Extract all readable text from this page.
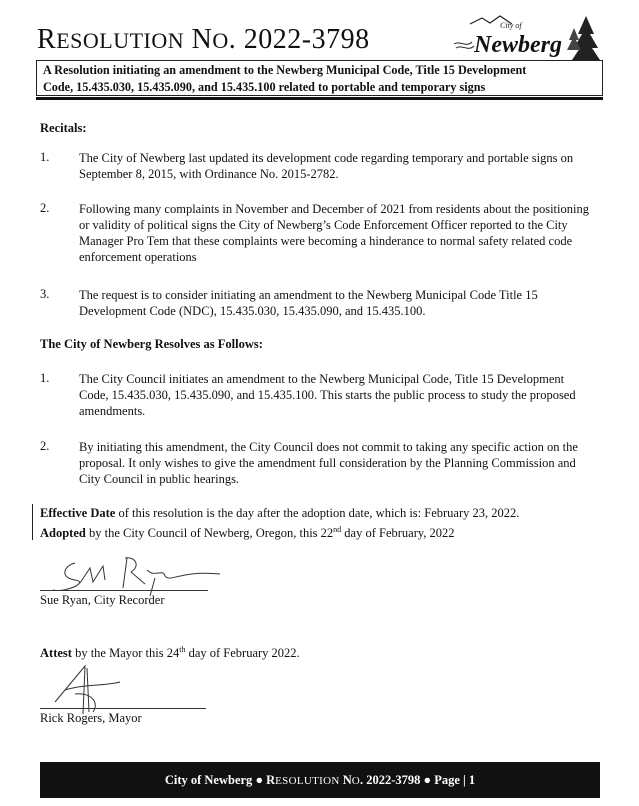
RESOLUTION NO. 2022-3798	City of
Newberg
A Resolution initiating an amendment to the Newberg Municipal Code, Title 15 Development
Code, 15.435.030, 15.435.090, and 15.435.100 related to portable and temporary signs
Recitals:
1. The City of Newberg last updated its development code regarding temporary and portable signs on September 8, 2015, with Ordinance No. 2015-2782.
2. Following many complaints in November and December of 2021 from residents about the positioning or validity of political signs the City of Newberg’s Code Enforcement Officer reported to the City Manager Pro Tem that these complaints were becoming a hinderance to normal safety related code enforcement operations
3. The request is to consider initiating an amendment to the Newberg Municipal Code Title 15 Development Code (NDC), 15.435.030, 15.435.090, and 15.435.100.
The City of Newberg Resolves as Follows:
1. The City Council initiates an amendment to the Newberg Municipal Code, Title 15 Development Code, 15.435.030, 15.435.090, and 15.435.100. This starts the public process to study the proposed amendments.
2. By initiating this amendment, the City Council does not commit to taking any specific action on the proposal. It only wishes to give the amendment full consideration by the Planning Commission and City Council in public hearings.
Effective Date of this resolution is the day after the adoption date, which is: February 23, 2022.
Adopted by the City Council of Newberg, Oregon, this 22nd day of February, 2022
Sue Ryan, City Recorder
Attest by the Mayor this 24th day of February 2022.
Rick Rogers, Mayor
City of Newberg ● RESOLUTION NO. 2022-3798 ● Page | 1
